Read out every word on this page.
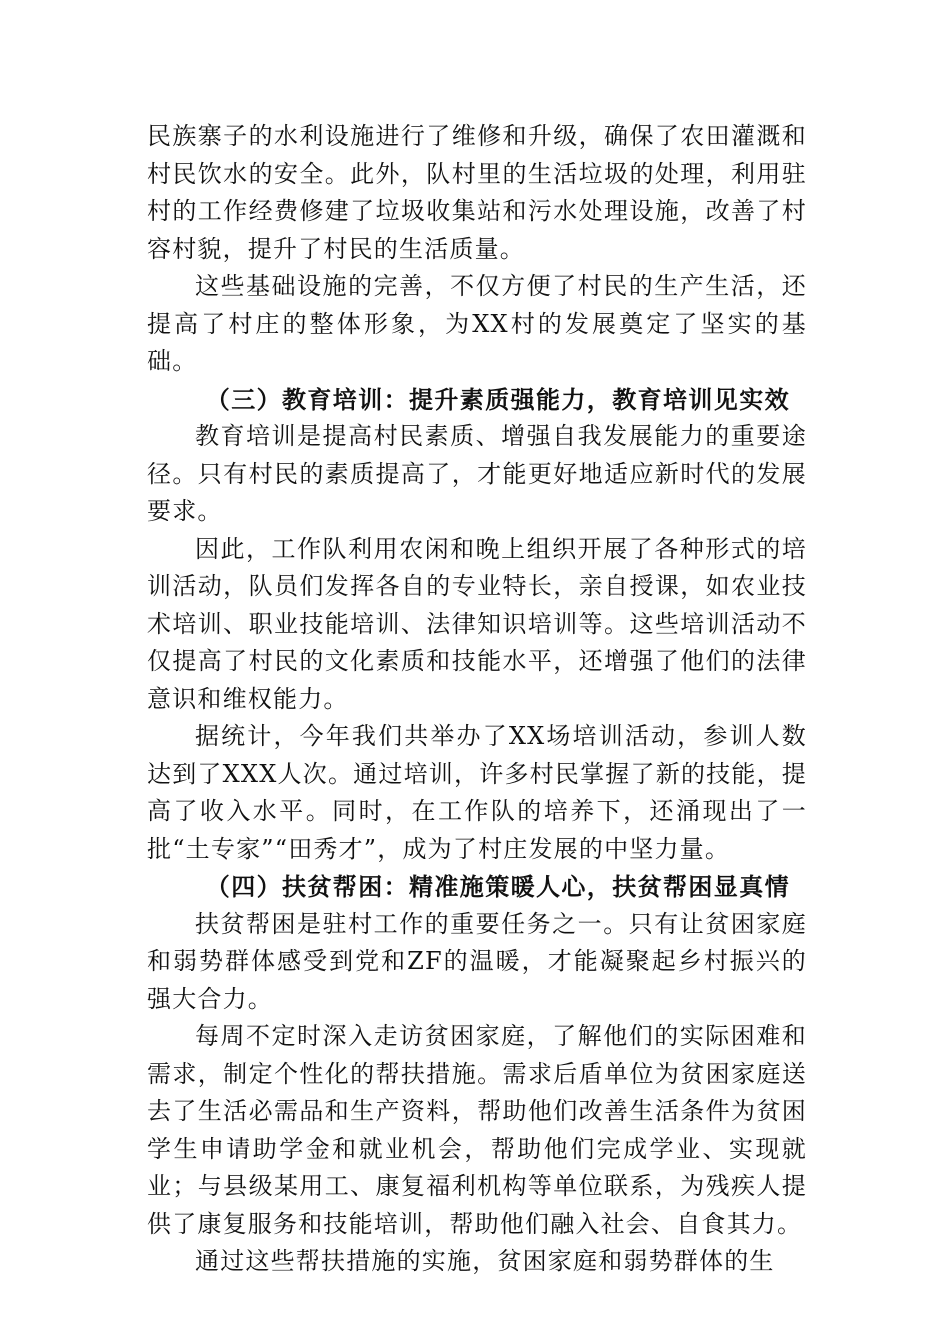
民族寨子的水利设施进行了维修和升级，确保了农田灌溉和村民饮水的安全。此外，队村里的生活垃圾的处理，利用驻村的工作经费修建了垃圾收集站和污水处理设施，改善了村容村貌，提升了村民的生活质量。

这些基础设施的完善，不仅方便了村民的生产生活，还提高了村庄的整体形象，为XX村的发展奠定了坚实的基础。

（三）教育培训：提升素质强能力，教育培训见实效

教育培训是提高村民素质、增强自我发展能力的重要途径。只有村民的素质提高了，才能更好地适应新时代的发展要求。

因此，工作队利用农闲和晚上组织开展了各种形式的培训活动，队员们发挥各自的专业特长，亲自授课，如农业技术培训、职业技能培训、法律知识培训等。这些培训活动不仅提高了村民的文化素质和技能水平，还增强了他们的法律意识和维权能力。

据统计，今年我们共举办了XX场培训活动，参训人数达到了XXX人次。通过培训，许多村民掌握了新的技能，提高了收入水平。同时，在工作队的培养下，还涌现出了一批“土专家”“田秀才”，成为了村庄发展的中坚力量。

（四）扶贫帮困：精准施策暖人心，扶贫帮困显真情

扶贫帮困是驻村工作的重要任务之一。只有让贫困家庭和弱势群体感受到党和ZF的温暖，才能凝聚起乡村振兴的强大合力。

每周不定时深入走访贫困家庭，了解他们的实际困难和需求，制定个性化的帮扶措施。需求后盾单位为贫困家庭送去了生活必需品和生产资料，帮助他们改善生活条件为贫困学生申请助学金和就业机会，帮助他们完成学业、实现就业；与县级某用工、康复福利机构等单位联系，为残疾人提供了康复服务和技能培训，帮助他们融入社会、自食其力。

通过这些帮扶措施的实施，贫困家庭和弱势群体的生
